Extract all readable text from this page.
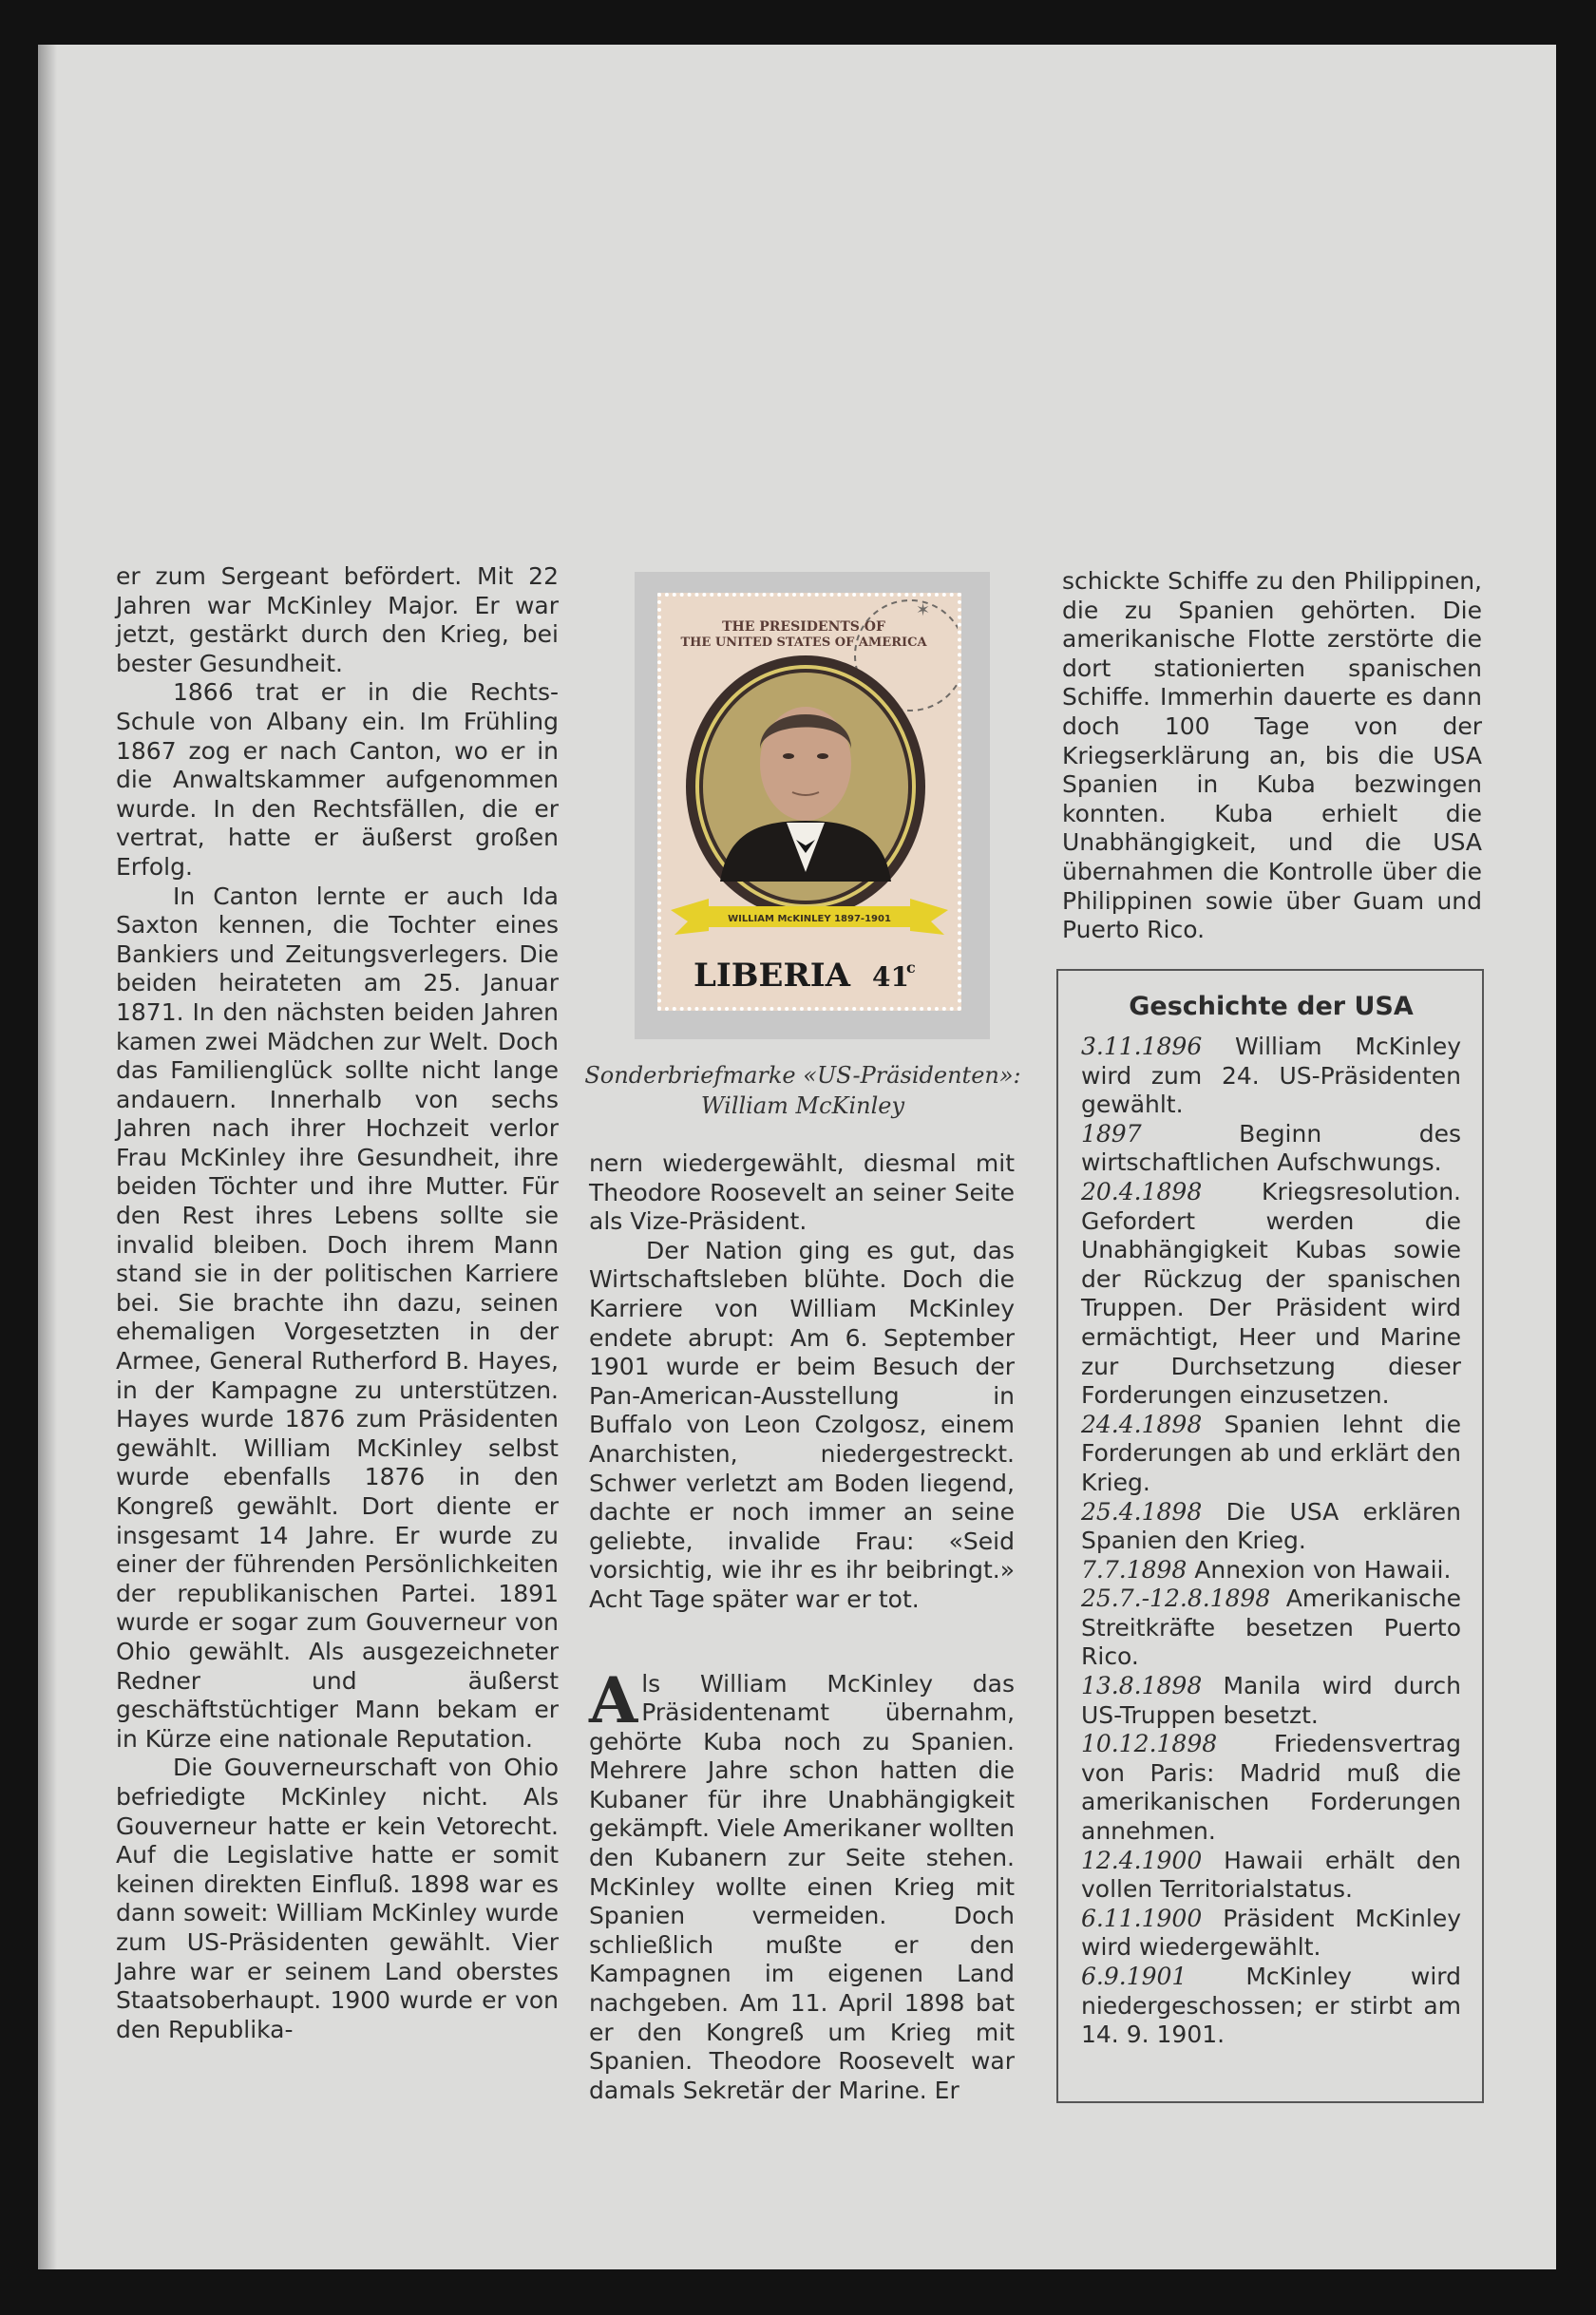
er zum Sergeant befördert. Mit 22 Jahren war McKinley Major. Er war jetzt, gestärkt durch den Krieg, bei bester Gesundheit.

1866 trat er in die Rechts-Schule von Albany ein. Im Frühling 1867 zog er nach Canton, wo er in die Anwaltskammer aufgenommen wurde. In den Rechtsfällen, die er vertrat, hatte er äußerst großen Erfolg.

In Canton lernte er auch Ida Saxton kennen, die Tochter eines Bankiers und Zeitungsverlegers. Die beiden heirateten am 25. Januar 1871. In den nächsten beiden Jahren kamen zwei Mädchen zur Welt. Doch das Familienglück sollte nicht lange andauern. Innerhalb von sechs Jahren nach ihrer Hochzeit verlor Frau McKinley ihre Gesundheit, ihre beiden Töchter und ihre Mutter. Für den Rest ihres Lebens sollte sie invalid bleiben. Doch ihrem Mann stand sie in der politischen Karriere bei. Sie brachte ihn dazu, seinen ehemaligen Vorgesetzten in der Armee, General Rutherford B. Hayes, in der Kampagne zu unterstützen. Hayes wurde 1876 zum Präsidenten gewählt. William McKinley selbst wurde ebenfalls 1876 in den Kongreß gewählt. Dort diente er insgesamt 14 Jahre. Er wurde zu einer der führenden Persönlichkeiten der republikanischen Partei. 1891 wurde er sogar zum Gouverneur von Ohio gewählt. Als ausgezeichneter Redner und äußerst geschäftstüchtiger Mann bekam er in Kürze eine nationale Reputation.

Die Gouverneurschaft von Ohio befriedigte McKinley nicht. Als Gouverneur hatte er kein Vetorecht. Auf die Legislative hatte er somit keinen direkten Einfluß. 1898 war es dann soweit: William McKinley wurde zum US-Präsidenten gewählt. Vier Jahre war er seinem Land oberstes Staatsoberhaupt. 1900 wurde er von den Republika-

✶
THE PRESIDENTS OF
THE UNITED STATES OF AMERICA
WILLIAM McKINLEY 1897-1901
LIBERIA 41
c
Sonderbriefmarke «US-Präsidenten»:
William McKinley

nern wiedergewählt, diesmal mit Theodore Roosevelt an seiner Seite als Vize-Präsident.

Der Nation ging es gut, das Wirtschaftsleben blühte. Doch die Karriere von William McKinley endete abrupt: Am 6. September 1901 wurde er beim Besuch der Pan-American-Ausstellung in Buffalo von Leon Czolgosz, einem Anarchisten, niedergestreckt. Schwer verletzt am Boden liegend, dachte er noch immer an seine geliebte, invalide Frau: «Seid vorsichtig, wie ihr es ihr beibringt.» Acht Tage später war er tot.

Als William McKinley das Präsidentenamt übernahm, gehörte Kuba noch zu Spanien. Mehrere Jahre schon hatten die Kubaner für ihre Unabhängigkeit gekämpft. Viele Amerikaner wollten den Kubanern zur Seite stehen. McKinley wollte einen Krieg mit Spanien vermeiden. Doch schließlich mußte er den Kampagnen im eigenen Land nachgeben. Am 11. April 1898 bat er den Kongreß um Krieg mit Spanien. Theodore Roosevelt war damals Sekretär der Marine. Er

schickte Schiffe zu den Philippinen, die zu Spanien gehörten. Die amerikanische Flotte zerstörte die dort stationierten spanischen Schiffe. Immerhin dauerte es dann doch 100 Tage von der Kriegserklärung an, bis die USA Spanien in Kuba bezwingen konnten. Kuba erhielt die Unabhängigkeit, und die USA übernahmen die Kontrolle über die Philippinen sowie über Guam und Puerto Rico.

Geschichte der USA
3.11.1896 William McKinley wird zum 24. US-Präsidenten gewählt.
1897	Beginn des wirtschaftlichen Aufschwungs.
20.4.1898	Kriegsresolution. Gefordert werden die Unabhängigkeit Kubas sowie der Rückzug der spanischen Truppen. Der Präsident wird ermächtigt, Heer und Marine zur Durchsetzung dieser Forderungen einzusetzen.
24.4.1898 Spanien lehnt die Forderungen ab und erklärt den Krieg.
25.4.1898 Die USA erklären Spanien den Krieg.
7.7.1898 Annexion von Hawaii.
25.7.-12.8.1898 Amerikanische Streitkräfte besetzen Puerto Rico.
13.8.1898 Manila wird durch US-Truppen besetzt.
10.12.1898 Friedensvertrag von Paris: Madrid muß die amerikanischen Forderungen annehmen.
12.4.1900 Hawaii erhält den vollen Territorialstatus.
6.11.1900 Präsident McKinley wird wiedergewählt.
6.9.1901 McKinley wird niedergeschossen; er stirbt am 14. 9. 1901.
